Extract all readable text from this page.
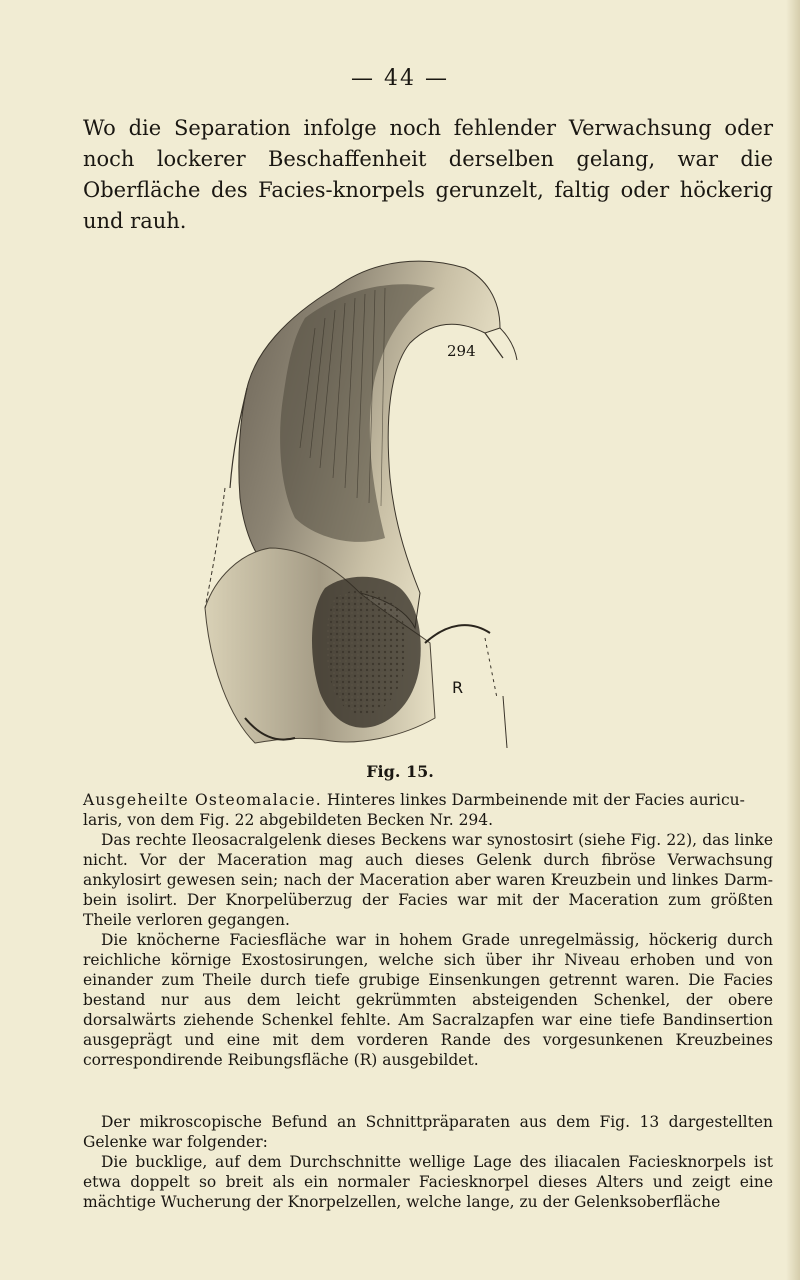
— 44 —

Wo die Separation infolge noch fehlender Verwachsung oder noch lockerer Beschaffenheit derselben gelang, war die Oberfläche des Facies-knorpels gerunzelt, faltig oder höckerig und rauh.

294
R
Fig. 15.

Ausgeheilte Osteomalacie. Hinteres linkes Darmbeinende mit der Facies auricu-laris, von dem Fig. 22 abgebildeten Becken Nr. 294.

Das rechte Ileosacralgelenk dieses Beckens war synostosirt (siehe Fig. 22), das linke nicht. Vor der Maceration mag auch dieses Gelenk durch fibröse Verwachsung ankylosirt gewesen sein; nach der Maceration aber waren Kreuzbein und linkes Darm-bein isolirt. Der Knorpelüberzug der Facies war mit der Maceration zum größten Theile verloren gegangen.

Die knöcherne Faciesfläche war in hohem Grade unregelmässig, höckerig durch reichliche körnige Exostosirungen, welche sich über ihr Niveau erhoben und von einander zum Theile durch tiefe grubige Einsenkungen getrennt waren. Die Facies bestand nur aus dem leicht gekrümmten absteigenden Schenkel, der obere dorsalwärts ziehende Schenkel fehlte. Am Sacralzapfen war eine tiefe Bandinsertion ausgeprägt und eine mit dem vorderen Rande des vorgesunkenen Kreuzbeines correspondirende Reibungsfläche (R) ausgebildet.

Der mikroscopische Befund an Schnittpräparaten aus dem Fig. 13 dargestellten Gelenke war folgender:

Die bucklige, auf dem Durchschnitte wellige Lage des iliacalen Faciesknorpels ist etwa doppelt so breit als ein normaler Faciesknorpel dieses Alters und zeigt eine mächtige Wucherung der Knorpelzellen, welche lange, zu der Gelenksoberfläche
